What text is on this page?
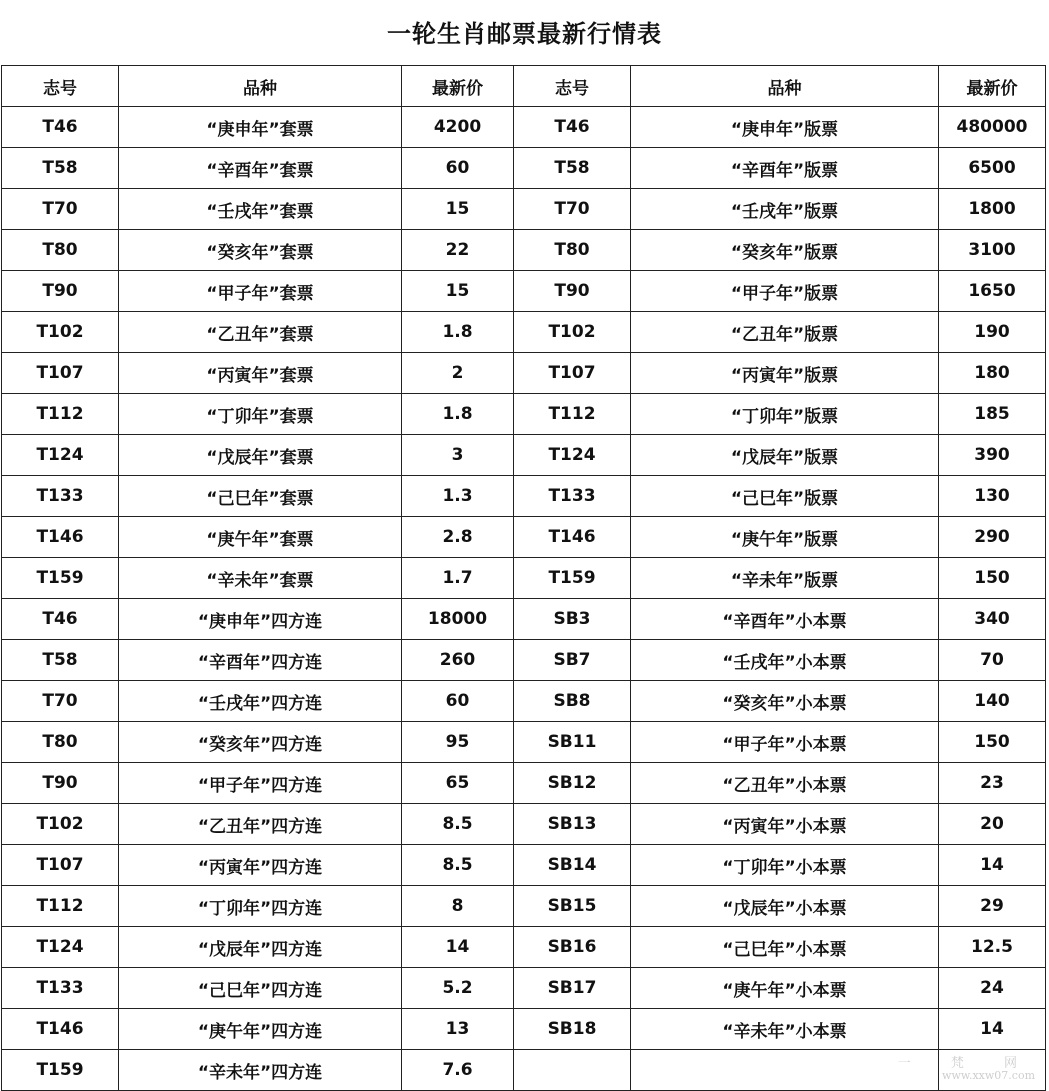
一轮生肖邮票最新行情表
志号	品种	最新价	志号	品种	最新价
T46	“庚申年”套票	4200	T46	“庚申年”版票	480000
T58	“辛酉年”套票	60	T58	“辛酉年”版票	6500
T70	“壬戌年”套票	15	T70	“壬戌年”版票	1800
T80	“癸亥年”套票	22	T80	“癸亥年”版票	3100
T90	“甲子年”套票	15	T90	“甲子年”版票	1650
T102	“乙丑年”套票	1.8	T102	“乙丑年”版票	190
T107	“丙寅年”套票	2	T107	“丙寅年”版票	180
T112	“丁卯年”套票	1.8	T112	“丁卯年”版票	185
T124	“戊辰年”套票	3	T124	“戊辰年”版票	390
T133	“己巳年”套票	1.3	T133	“己巳年”版票	130
T146	“庚午年”套票	2.8	T146	“庚午年”版票	290
T159	“辛未年”套票	1.7	T159	“辛未年”版票	150
T46	“庚申年”四方连	18000	SB3	“辛酉年”小本票	340
T58	“辛酉年”四方连	260	SB7	“壬戌年”小本票	70
T70	“壬戌年”四方连	60	SB8	“癸亥年”小本票	140
T80	“癸亥年”四方连	95	SB11	“甲子年”小本票	150
T90	“甲子年”四方连	65	SB12	“乙丑年”小本票	23
T102	“乙丑年”四方连	8.5	SB13	“丙寅年”小本票	20
T107	“丙寅年”四方连	8.5	SB14	“丁卯年”小本票	14
T112	“丁卯年”四方连	8	SB15	“戊辰年”小本票	29
T124	“戊辰年”四方连	14	SB16	“己巳年”小本票	12.5
T133	“己巳年”四方连	5.2	SB17	“庚午年”小本票	24
T146	“庚午年”四方连	13	SB18	“辛未年”小本票	14
T159	“辛未年”四方连	7.6				一 梵 网
www.xxw07.com
